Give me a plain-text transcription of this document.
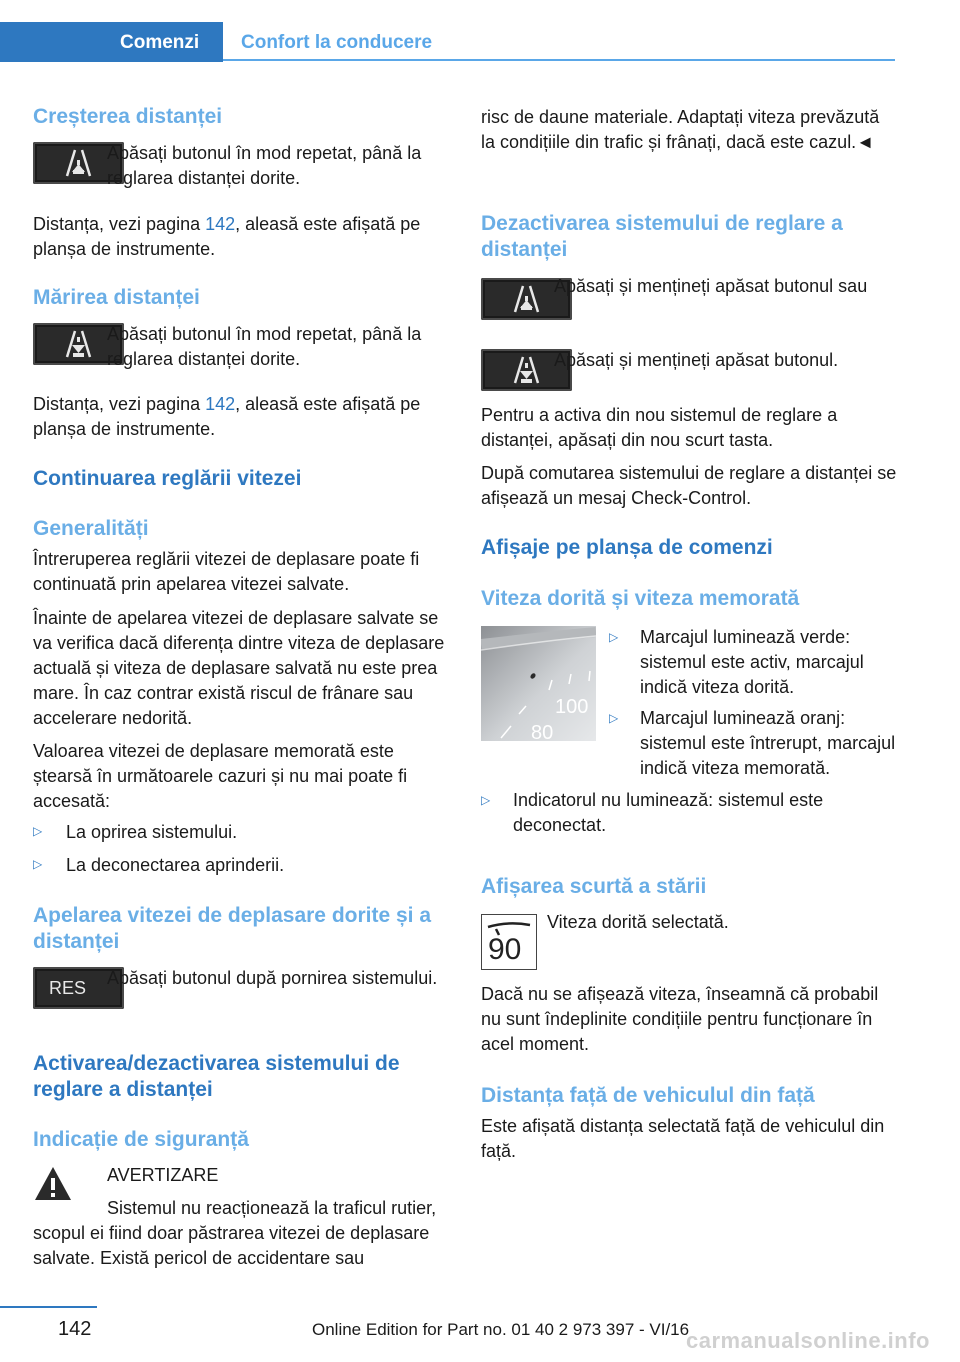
Comenzi Confort la conducere
Creșterea distanței
Apăsați butonul în mod repetat, până la reglarea distanței dorite.
Distanța, vezi pagina 142, aleasă este afișată pe planșa de instrumente.
Mărirea distanței
Apăsați butonul în mod repetat, până la reglarea distanței dorite.
Distanța, vezi pagina 142, aleasă este afișată pe planșa de instrumente.
Continuarea reglării vitezei
Generalități
Întreruperea reglării vitezei de deplasare poate fi continuată prin apelarea vitezei salvate.
Înainte de apelarea vitezei de deplasare salvate se va verifica dacă diferența dintre viteza de deplasare actuală și viteza de deplasare salvată nu este prea mare. În caz contrar există riscul de frânare sau accelerare nedorită.
Valoarea vitezei de deplasare memorată este ștearsă în următoarele cazuri și nu mai poate fi accesată:
▷ La oprirea sistemului.
▷ La deconectarea aprinderii.
Apelarea vitezei de deplasare dorite și a distanței
RES Apăsați butonul după pornirea sistemului.
Activarea/dezactivarea sistemului de reglare a distanței
Indicație de siguranță
AVERTIZARE
Sistemul nu reacționează la traficul rutier, scopul ei fiind doar păstrarea vitezei de deplasare salvate. Există pericol de accidentare sau
risc de daune materiale. Adaptați viteza prevăzută la condițiile din trafic și frânați, dacă este cazul.◄
Dezactivarea sistemului de reglare a distanței
Apăsați și mențineți apăsat butonul sau
Apăsați și mențineți apăsat butonul.
Pentru a activa din nou sistemul de reglare a distanței, apăsați din nou scurt tasta.
După comutarea sistemului de reglare a distanței se afișează un mesaj Check-Control.
Afișaje pe planșa de comenzi
Viteza dorită și viteza memorată
100
80
▷ Marcajul luminează verde: sistemul este activ, marcajul indică viteza dorită.
▷ Marcajul luminează oranj: sistemul este întrerupt, marcajul indică viteza memorată.
▷ Indicatorul nu luminează: sistemul este deconectat.
Afișarea scurtă a stării
90
Viteza dorită selectată.
Dacă nu se afișează viteza, înseamnă că probabil nu sunt îndeplinite condițiile pentru funcționare în acel moment.
Distanța față de vehiculul din față
Este afișată distanța selectată față de vehiculul din față.
142	Online Edition for Part no. 01 40 2 973 397 - VI/16
carmanualsonline.info
